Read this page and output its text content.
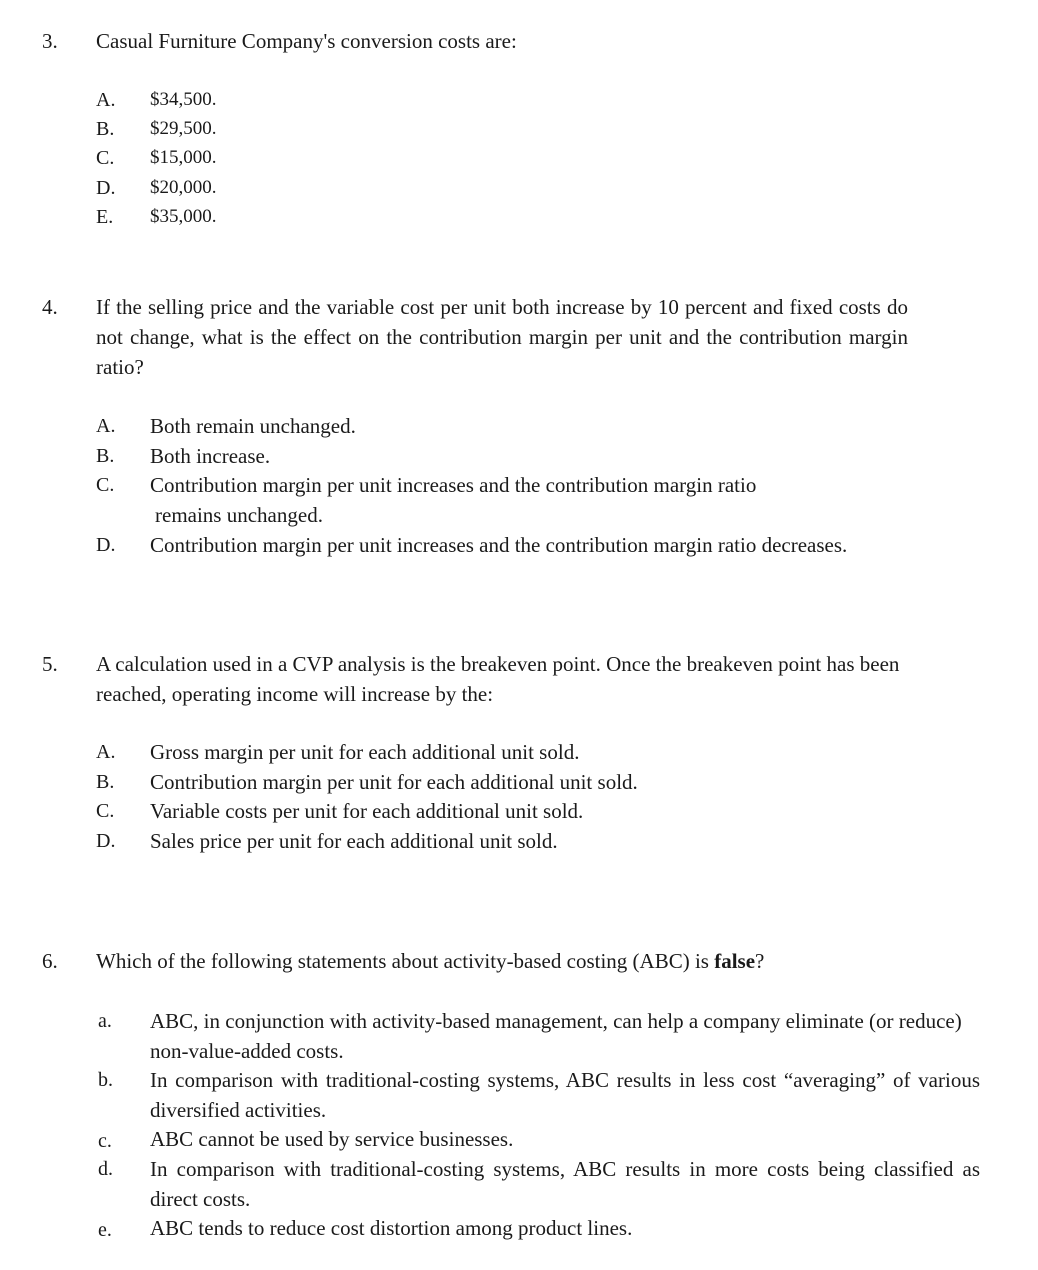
3. Casual Furniture Company's conversion costs are:
A. $34,500.
B. $29,500.
C. $15,000.
D. $20,000.
E. $35,000.
4. If the selling price and the variable cost per unit both increase by 10 percent and fixed costs do not change, what is the effect on the contribution margin per unit and the contribution margin ratio?
A. Both remain unchanged.
B. Both increase.
C. Contribution margin per unit increases and the contribution margin ratio
remains unchanged.
D. Contribution margin per unit increases and the contribution margin ratio decreases.
5. A calculation used in a CVP analysis is the breakeven point. Once the breakeven point has been reached, operating income will increase by the:
A. Gross margin per unit for each additional unit sold.
B. Contribution margin per unit for each additional unit sold.
C. Variable costs per unit for each additional unit sold.
D. Sales price per unit for each additional unit sold.
6. Which of the following statements about activity-based costing (ABC) is false?
a. ABC, in conjunction with activity-based management, can help a company eliminate (or reduce) non-value-added costs.
b. In comparison with traditional-costing systems, ABC results in less cost “averaging” of various diversified activities.
c. ABC cannot be used by service businesses.
d. In comparison with traditional-costing systems, ABC results in more costs being classified as direct costs.
e. ABC tends to reduce cost distortion among product lines.
